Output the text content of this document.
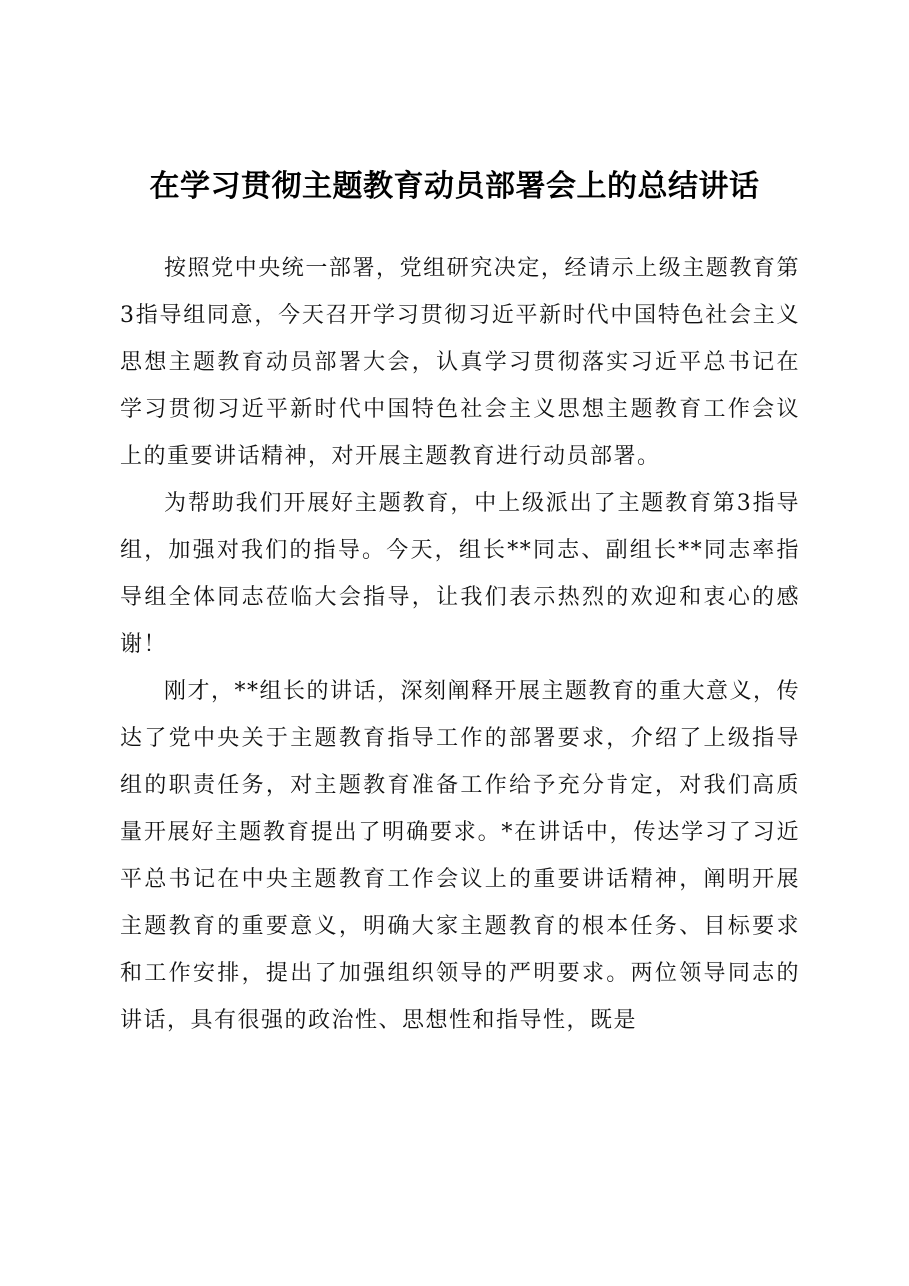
在学习贯彻主题教育动员部署会上的总结讲话

按照党中央统一部署，党组研究决定，经请示上级主题教育第3指导组同意，今天召开学习贯彻习近平新时代中国特色社会主义思想主题教育动员部署大会，认真学习贯彻落实习近平总书记在学习贯彻习近平新时代中国特色社会主义思想主题教育工作会议上的重要讲话精神，对开展主题教育进行动员部署。

为帮助我们开展好主题教育，中上级派出了主题教育第3指导组，加强对我们的指导。今天，组长**同志、副组长**同志率指导组全体同志莅临大会指导，让我们表示热烈的欢迎和衷心的感谢！

刚才，**组长的讲话，深刻阐释开展主题教育的重大意义，传达了党中央关于主题教育指导工作的部署要求，介绍了上级指导组的职责任务，对主题教育准备工作给予充分肯定，对我们高质量开展好主题教育提出了明确要求。*在讲话中，传达学习了习近平总书记在中央主题教育工作会议上的重要讲话精神，阐明开展主题教育的重要意义，明确大家主题教育的根本任务、目标要求和工作安排，提出了加强组织领导的严明要求。两位领导同志的讲话，具有很强的政治性、思想性和指导性，既是
